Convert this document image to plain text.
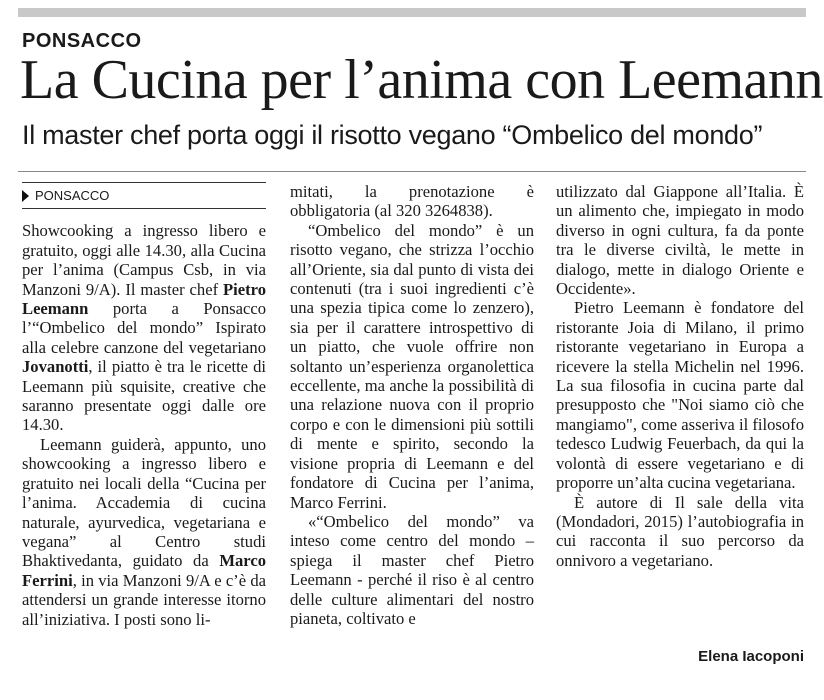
PONSACCO
La Cucina per l’anima con Leemann
Il master chef porta oggi il risotto vegano “Ombelico del mondo”
PONSACCO

Showcooking a ingresso libero e gratuito, oggi alle 14.30, alla Cucina per l’anima (Campus Csb, in via Manzoni 9/A). Il master chef Pietro Leemann porta a Ponsacco l’“Ombelico del mondo” Ispirato alla celebre canzone del vegetariano Jovanotti, il piatto è tra le ricette di Leemann più squisite, creative che saranno presentate oggi dalle ore 14.30.

Leemann guiderà, appunto, uno showcooking a ingresso libero e gratuito nei locali della “Cucina per l’anima. Accademia di cucina naturale, ayurvedica, vegetariana e vegana” al Centro studi Bhaktivedanta, guidato da Marco Ferrini, in via Manzoni 9/A e c’è da attendersi un grande interesse itorno all’iniziativa. I posti sono li-

mitati, la prenotazione è obbligatoria (al 320 3264838).

“Ombelico del mondo” è un risotto vegano, che strizza l’occhio all’Oriente, sia dal punto di vista dei contenuti (tra i suoi ingredienti c’è una spezia tipica come lo zenzero), sia per il carattere introspettivo di un piatto, che vuole offrire non soltanto un’esperienza organolettica eccellente, ma anche la possibilità di una relazione nuova con il proprio corpo e con le dimensioni più sottili di mente e spirito, secondo la visione propria di Leemann e del fondatore di Cucina per l’anima, Marco Ferrini.

«“Ombelico del mondo” va inteso come centro del mondo – spiega il master chef Pietro Leemann - perché il riso è al centro delle culture alimentari del nostro pianeta, coltivato e

utilizzato dal Giappone all’Italia. È un alimento che, impiegato in modo diverso in ogni cultura, fa da ponte tra le diverse civiltà, le mette in dialogo, mette in dialogo Oriente e Occidente».

Pietro Leemann è fondatore del ristorante Joia di Milano, il primo ristorante vegetariano in Europa a ricevere la stella Michelin nel 1996. La sua filosofia in cucina parte dal presupposto che "Noi siamo ciò che mangiamo", come asseriva il filosofo tedesco Ludwig Feuerbach, da qui la volontà di essere vegetariano e di proporre un’alta cucina vegetariana.

È autore di Il sale della vita (Mondadori, 2015) l’autobiografia in cui racconta il suo percorso da onnivoro a vegetariano.

Elena Iacoponi
